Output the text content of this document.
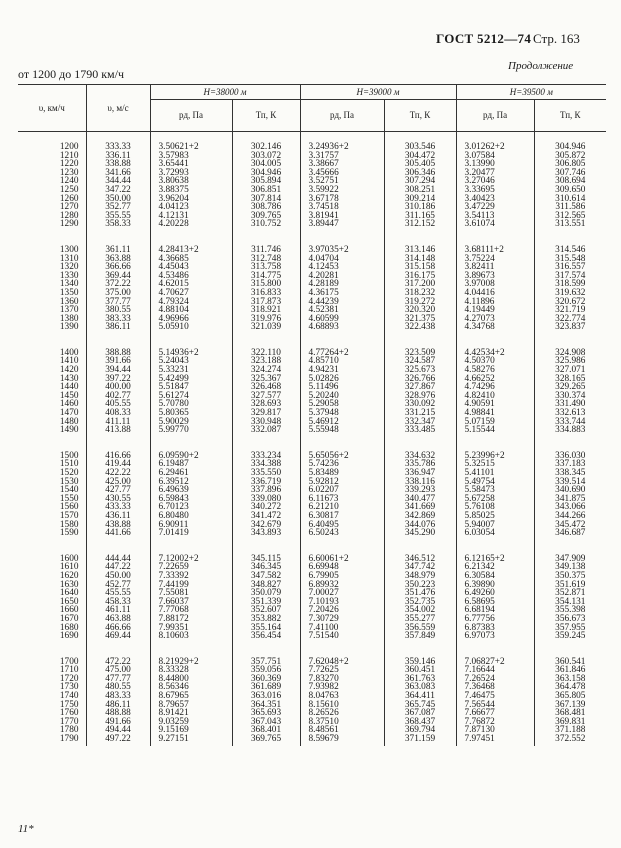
ГОСТ 5212—74 Стр. 163
Продолжение
от 1200 до 1790 км/ч
υ, км/ч	υ, м/с	H=38000 м		H=39000 м		H=39500 м	
		pд, Па	Тп, К	pд, Па	Тп, К	pд, Па	Тп, К
1200	333.33	3.50621+2	302.146	3.24936+2	303.546	3.01262+2	304.946
1210	336.11	3.57983	303.072	3.31757	304.472	3.07584	305.872
1220	338.88	3.65441	304.005	3.38667	305.405	3.13990	306.805
1230	341.66	3.72993	304.946	3.45666	306.346	3.20477	307.746
1240	344.44	3.80638	305.894	3.52751	307.294	3.27046	308.694
1250	347.22	3.88375	306.851	3.59922	308.251	3.33695	309.650
1260	350.00	3.96204	307.814	3.67178	309.214	3.40423	310.614
1270	352.77	4.04123	308.786	3.74518	310.186	3.47229	311.586
1280	355.55	4.12131	309.765	3.81941	311.165	3.54113	312.565
1290	358.33	4.20228	310.752	3.89447	312.152	3.61074	313.551
1300	361.11	4.28413+2	311.746	3.97035+2	313.146	3.68111+2	314.546
1310	363.88	4.36685	312.748	4.04704	314.148	3.75224	315.548
1320	366.66	4.45043	313.758	4.12453	315.158	3.82411	316.557
1330	369.44	4.53486	314.775	4.20281	316.175	3.89673	317.574
1340	372.22	4.62015	315.800	4.28189	317.200	3.97008	318.599
1350	375.00	4.70627	316.833	4.36175	318.232	4.04416	319.632
1360	377.77	4.79324	317.873	4.44239	319.272	4.11896	320.672
1370	380.55	4.88104	318.921	4.52381	320.320	4.19449	321.719
1380	383.33	4.96966	319.976	4.60599	321.375	4.27073	322.774
1390	386.11	5.05910	321.039	4.68893	322.438	4.34768	323.837
1400	388.88	5.14936+2	322.110	4.77264+2	323.509	4.42534+2	324.908
1410	391.66	5.24043	323.188	4.85710	324.587	4.50370	325.986
1420	394.44	5.33231	324.274	4.94231	325.673	4.58276	327.071
1430	397.22	5.42499	325.367	5.02826	326.766	4.66252	328.165
1440	400.00	5.51847	326.468	5.11496	327.867	4.74296	329.265
1450	402.77	5.61274	327.577	5.20240	328.976	4.82410	330.374
1460	405.55	5.70780	328.693	5.29058	330.092	4.90591	331.490
1470	408.33	5.80365	329.817	5.37948	331.215	4.98841	332.613
1480	411.11	5.90029	330.948	5.46912	332.347	5.07159	333.744
1490	413.88	5.99770	332.087	5.55948	333.485	5.15544	334.883
1500	416.66	6.09590+2	333.234	5.65056+2	334.632	5.23996+2	336.030
1510	419.44	6.19487	334.388	5.74236	335.786	5.32515	337.183
1520	422.22	6.29461	335.550	5.83489	336.947	5.41101	338.345
1530	425.00	6.39512	336.719	5.92812	338.116	5.49754	339.514
1540	427.77	6.49639	337.896	6.02207	339.293	5.58473	340.690
1550	430.55	6.59843	339.080	6.11673	340.477	5.67258	341.875
1560	433.33	6.70123	340.272	6.21210	341.669	5.76108	343.066
1570	436.11	6.80480	341.472	6.30817	342.869	5.85025	344.266
1580	438.88	6.90911	342.679	6.40495	344.076	5.94007	345.472
1590	441.66	7.01419	343.893	6.50243	345.290	6.03054	346.687
1600	444.44	7.12002+2	345.115	6.60061+2	346.512	6.12165+2	347.909
1610	447.22	7.22659	346.345	6.69948	347.742	6.21342	349.138
1620	450.00	7.33392	347.582	6.79905	348.979	6.30584	350.375
1630	452.77	7.44199	348.827	6.89932	350.223	6.39890	351.619
1640	455.55	7.55081	350.079	7.00027	351.476	6.49260	352.871
1650	458.33	7.66037	351.339	7.10193	352.735	6.58695	354.131
1660	461.11	7.77068	352.607	7.20426	354.002	6.68194	355.398
1670	463.88	7.88172	353.882	7.30729	355.277	6.77756	356.673
1680	466.66	7.99351	355.164	7.41100	356.559	6.87383	357.955
1690	469.44	8.10603	356.454	7.51540	357.849	6.97073	359.245
1700	472.22	8.21929+2	357.751	7.62048+2	359.146	7.06827+2	360.541
1710	475.00	8.33328	359.056	7.72625	360.451	7.16644	361.846
1720	477.77	8.44800	360.369	7.83270	361.763	7.26524	363.158
1730	480.55	8.56346	361.689	7.93982	363.083	7.36468	364.478
1740	483.33	8.67965	363.016	8.04763	364.411	7.46475	365.805
1750	486.11	8.79657	364.351	8.15610	365.745	7.56544	367.139
1760	488.88	8.91421	365.693	8.26526	367.087	7.66677	368.481
1770	491.66	9.03259	367.043	8.37510	368.437	7.76872	369.831
1780	494.44	9.15169	368.401	8.48561	369.794	7.87130	371.188
1790	497.22	9.27151	369.765	8.59679	371.159	7.97451	372.552
11*
